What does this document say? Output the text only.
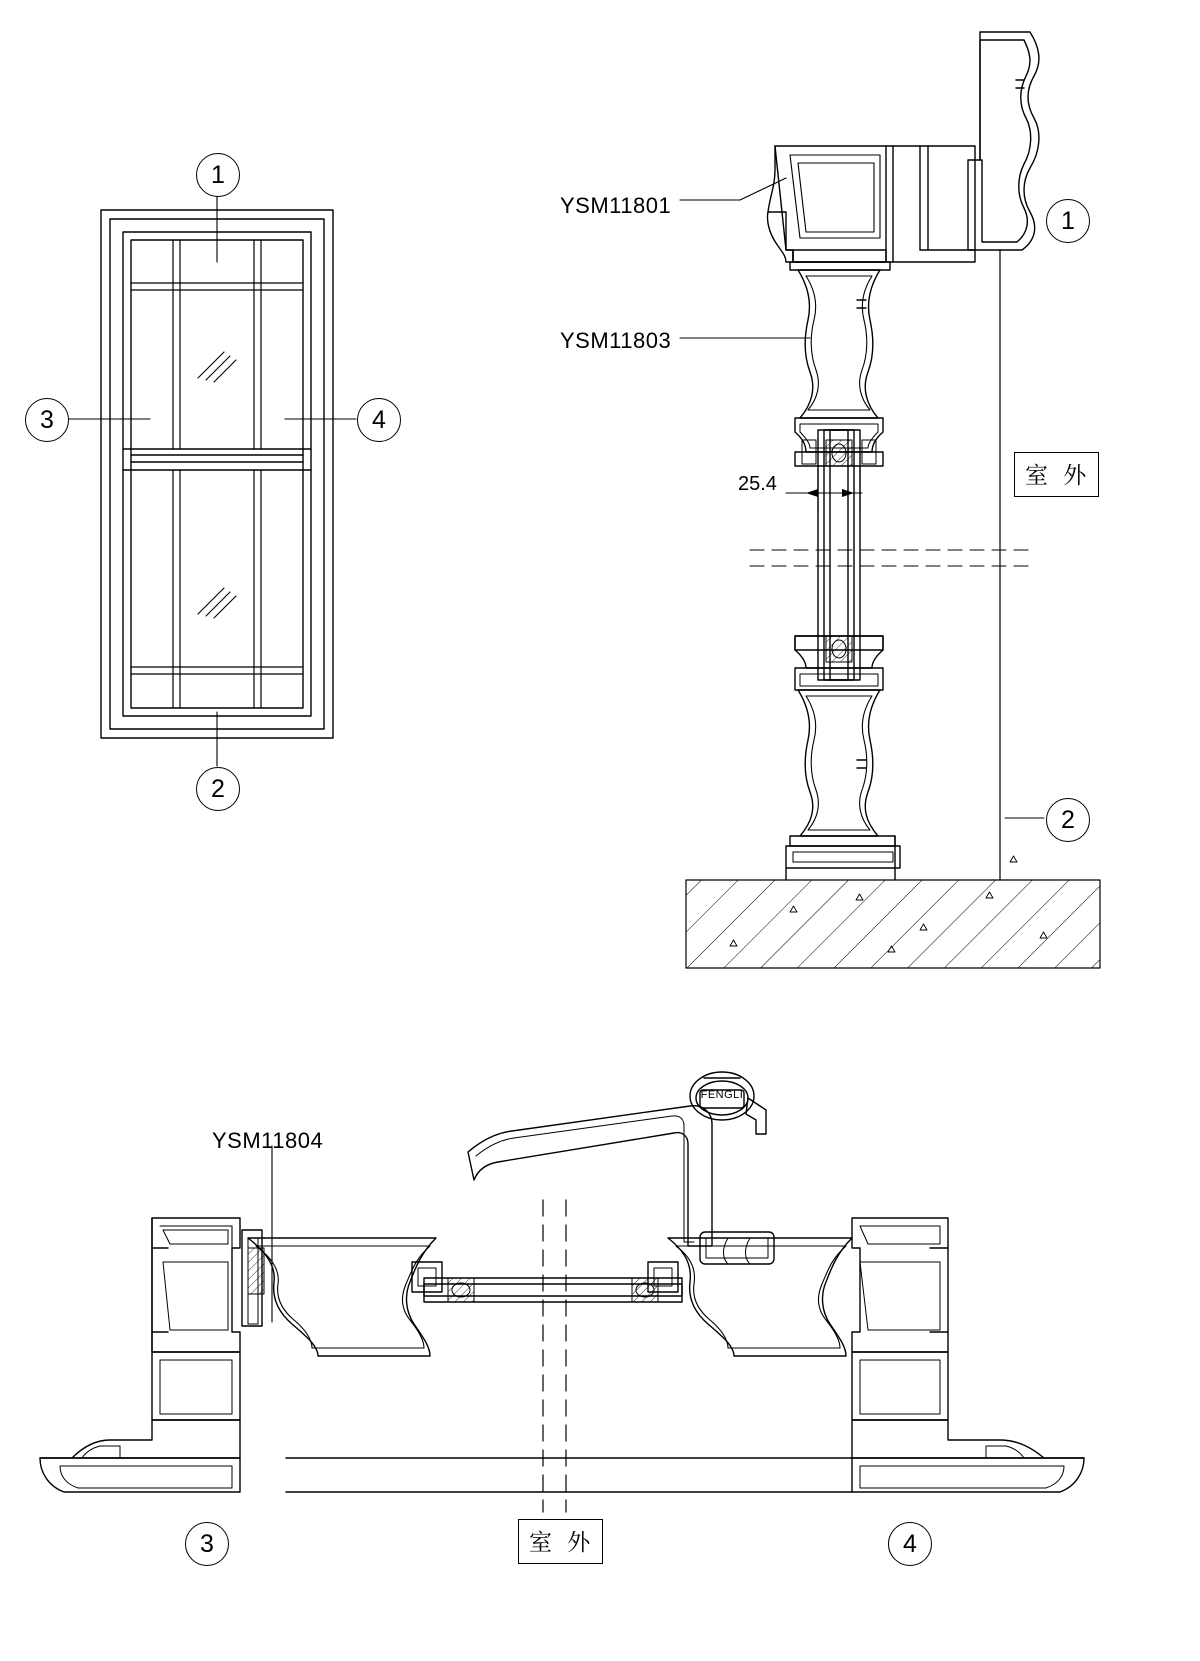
1
2
3	4
1
2
3	4
YSM11801
YSM11803
YSM11804
25.4	室 外
室 外
FENGLI
